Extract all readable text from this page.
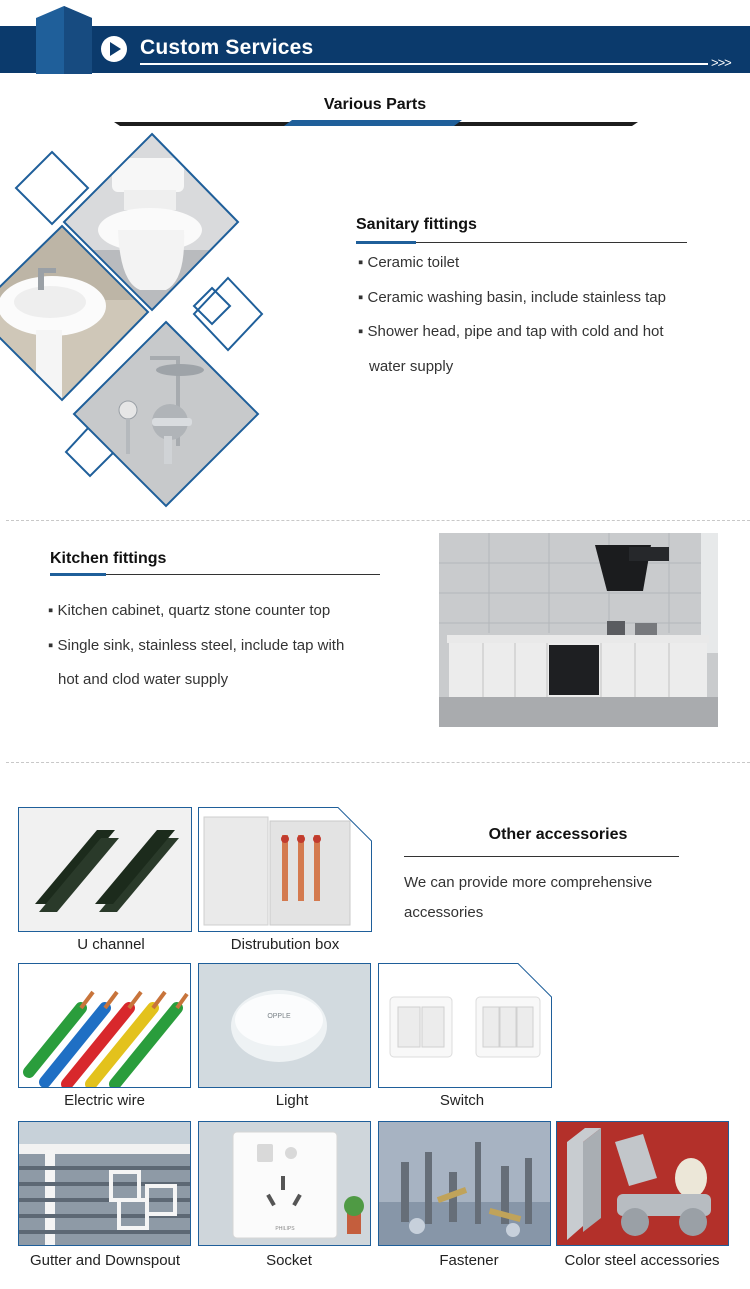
Custom Services
>>>
Various Parts
Sanitary fittings
▪ Ceramic toilet
▪ Ceramic washing basin, include stainless tap
▪ Shower head, pipe and tap with cold and hot
water supply
Kitchen fittings
▪ Kitchen cabinet, quartz stone counter top
▪ Single sink, stainless steel, include tap with
hot and clod water supply
Other accessories
We can provide more comprehensive
accessories
U channel	Distrubution box
Electric wire
OPPLE
Light	Switch
Gutter and Downspout
PHILIPS
Socket	Fastener	Color steel accessories
